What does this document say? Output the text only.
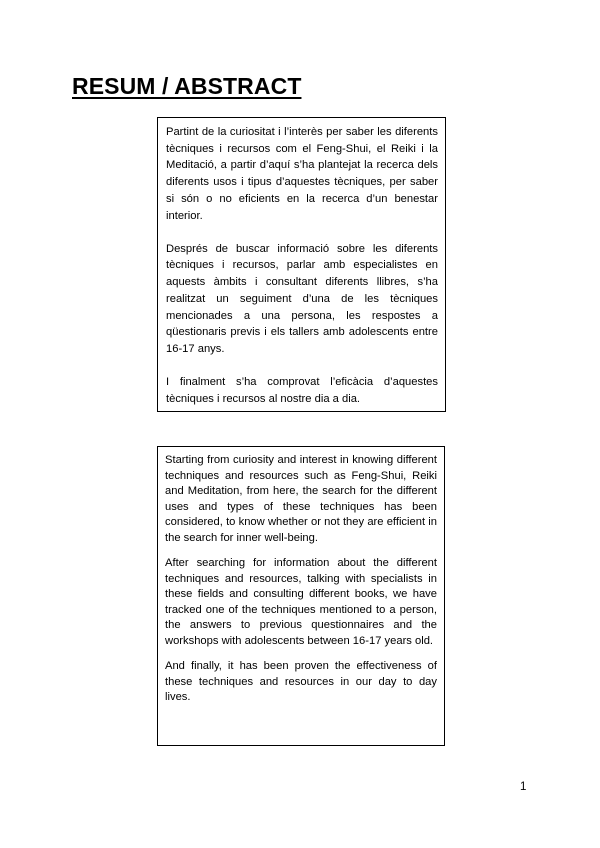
RESUM / ABSTRACT

Partint de la curiositat i l’interès per saber les diferents tècniques i recursos com el Feng-Shui, el Reiki i la Meditació, a partir d’aquí s’ha plantejat la recerca dels diferents usos i tipus d’aquestes tècniques, per saber si són o no eficients en la recerca d’un benestar interior.

Després de buscar informació sobre les diferents tècniques i recursos, parlar amb especialistes en aquests àmbits i consultant diferents llibres, s’ha realitzat un seguiment d’una de les tècniques mencionades a una persona, les respostes a qüestionaris previs i els tallers amb adolescents entre 16-17 anys.

I finalment s’ha comprovat l’eficàcia d’aquestes tècniques i recursos al nostre dia a dia.

Starting from curiosity and interest in knowing different techniques and resources such as Feng-Shui, Reiki and Meditation, from here, the search for the different uses and types of these techniques has been considered, to know whether or not they are efficient in the search for inner well-being.

After searching for information about the different techniques and resources, talking with specialists in these fields and consulting different books, we have tracked one of the techniques mentioned to a person, the answers to previous questionnaires and the workshops with adolescents between 16-17 years old.

And finally, it has been proven the effectiveness of these techniques and resources in our day to day lives.

1
